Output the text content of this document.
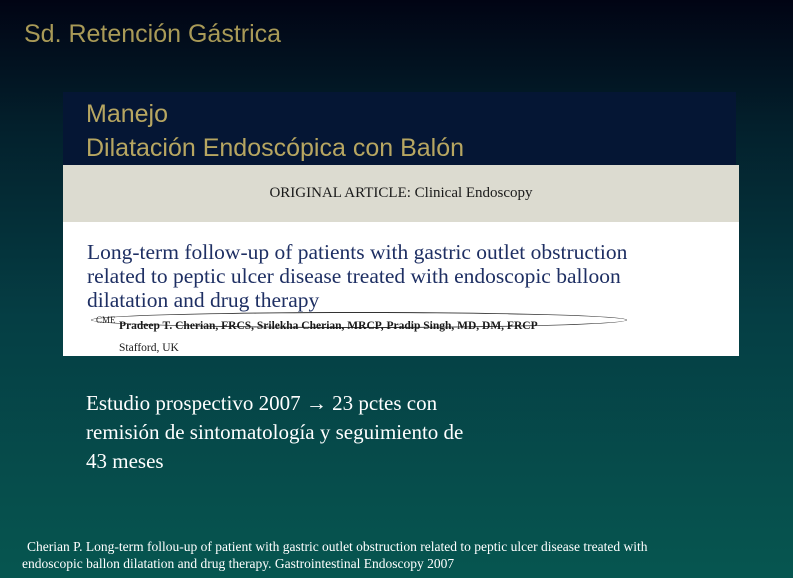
Sd. Retención Gástrica
Manejo
Dilatación Endoscópica con Balón
ORIGINAL ARTICLE: Clinical Endoscopy

Long-term follow-up of patients with gastric outlet obstruction
related to peptic ulcer disease treated with endoscopic balloon
dilatation and drug therapy
CME Pradeep T. Cherian, FRCS, Srilekha Cherian, MRCP, Pradip Singh, MD, DM, FRCP
Stafford, UK

Estudio prospectivo 2007 → 23 pctes con
remisión de sintomatología y seguimiento de
43 meses

Cherian P. Long-term follou-up of patient with gastric outlet obstruction related to peptic ulcer disease treated with
endoscopic ballon dilatation and drug therapy. Gastrointestinal Endoscopy 2007
